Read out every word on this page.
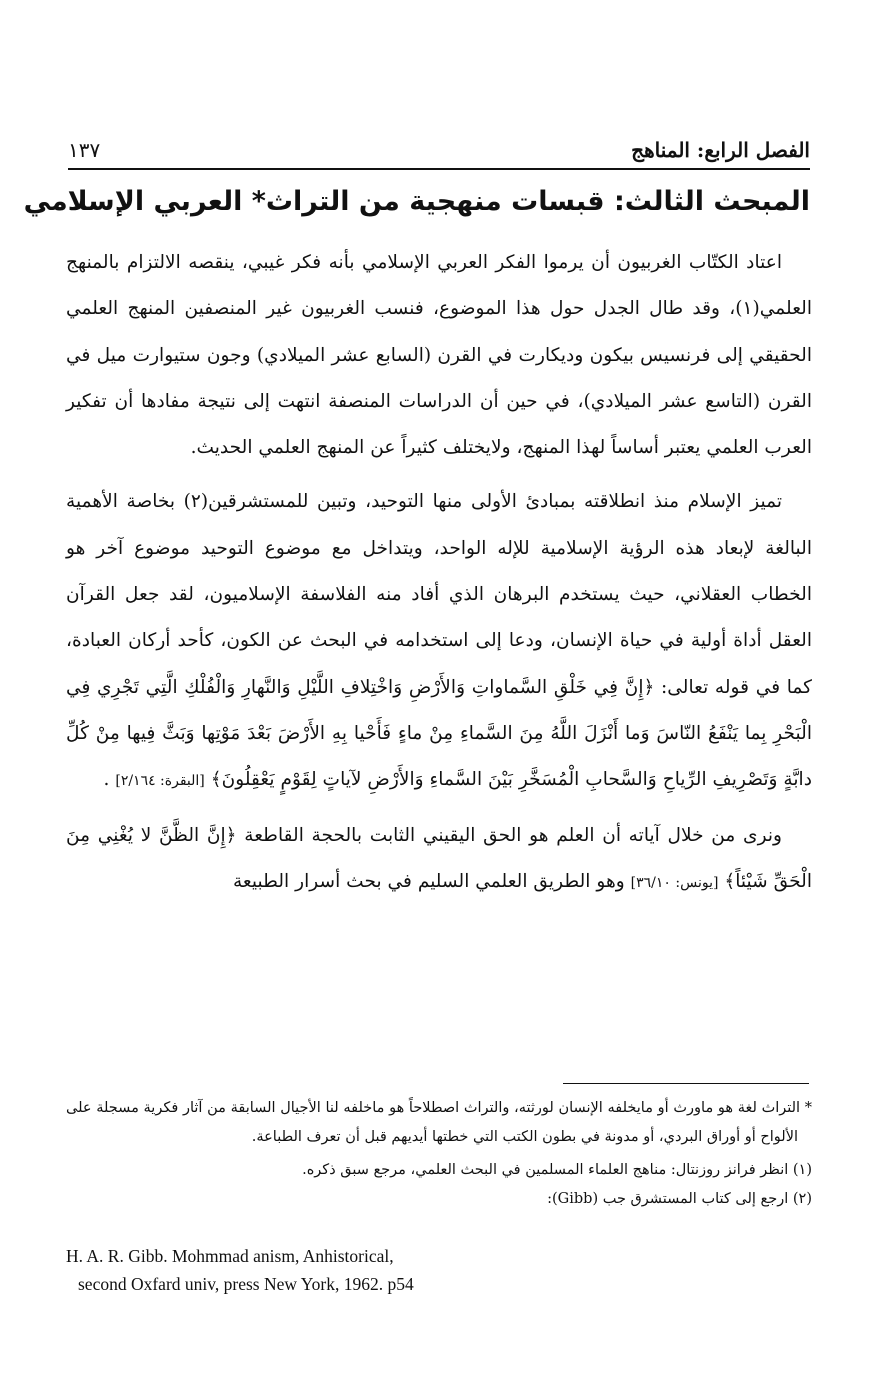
١٣٧	الفصل الرابع: المناهج
المبحث الثالث: قبسات منهجية من التراث* العربي الإسلامي

اعتاد الكتّاب الغربيون أن يرموا الفكر العربي الإسلامي بأنه فكر غيبي، ينقصه الالتزام بالمنهج العلمي(١)، وقد طال الجدل حول هذا الموضوع، فنسب الغربيون غير المنصفين المنهج العلمي الحقيقي إلى فرنسيس بيكون وديكارت في القرن (السابع عشر الميلادي) وجون ستيوارت ميل في القرن (التاسع عشر الميلادي)، في حين أن الدراسات المنصفة انتهت إلى نتيجة مفادها أن تفكير العرب العلمي يعتبر أساساً لهذا المنهج، ولايختلف كثيراً عن المنهج العلمي الحديث.

تميز الإسلام منذ انطلاقته بمبادئ الأولى منها التوحيد، وتبين للمستشرقين(٢) بخاصة الأهمية البالغة لإبعاد هذه الرؤية الإسلامية للإله الواحد، ويتداخل مع موضوع التوحيد موضوع آخر هو الخطاب العقلاني، حيث يستخدم البرهان الذي أفاد منه الفلاسفة الإسلاميون، لقد جعل القرآن العقل أداة أولية في حياة الإنسان، ودعا إلى استخدامه في البحث عن الكون، كأحد أركان العبادة، كما في قوله تعالى: ﴿إِنَّ فِي خَلْقِ السَّماواتِ وَالأَرْضِ وَاخْتِلافِ اللَّيْلِ وَالنَّهارِ وَالْفُلْكِ الَّتِي تَجْرِي فِي الْبَحْرِ بِما يَنْفَعُ النّاسَ وَما أَنْزَلَ اللَّهُ مِنَ السَّماءِ مِنْ ماءٍ فَأَحْيا بِهِ الأَرْضَ بَعْدَ مَوْتِها وَبَثَّ فِيها مِنْ كُلِّ دابَّةٍ وَتَصْرِيفِ الرِّياحِ وَالسَّحابِ الْمُسَخَّرِ بَيْنَ السَّماءِ وَالأَرْضِ لآياتٍ لِقَوْمٍ يَعْقِلُونَ﴾ [البقرة: ٢/١٦٤] .

ونرى من خلال آياته أن العلم هو الحق اليقيني الثابت بالحجة القاطعة ﴿إِنَّ الظَّنَّ لا يُغْنِي مِنَ الْحَقِّ شَيْئاً﴾ [يونس: ٣٦/١٠] وهو الطريق العلمي السليم في بحث أسرار الطبيعة

* التراث لغة هو ماورث أو مايخلفه الإنسان لورثته، والتراث اصطلاحاً هو ماخلفه لنا الأجيال السابقة من آثار فكرية مسجلة على الألواح أو أوراق البردي، أو مدونة في بطون الكتب التي خطتها أيديهم قبل أن تعرف الطباعة.

(١) انظر فرانز روزنتال: مناهج العلماء المسلمين في البحث العلمي، مرجع سبق ذكره.

(٢) ارجع إلى كتاب المستشرق جب (Gibb):

H. A. R. Gibb. Mohmmad anism, Anhistorical,
second Oxfard univ, press New York, 1962. p54
